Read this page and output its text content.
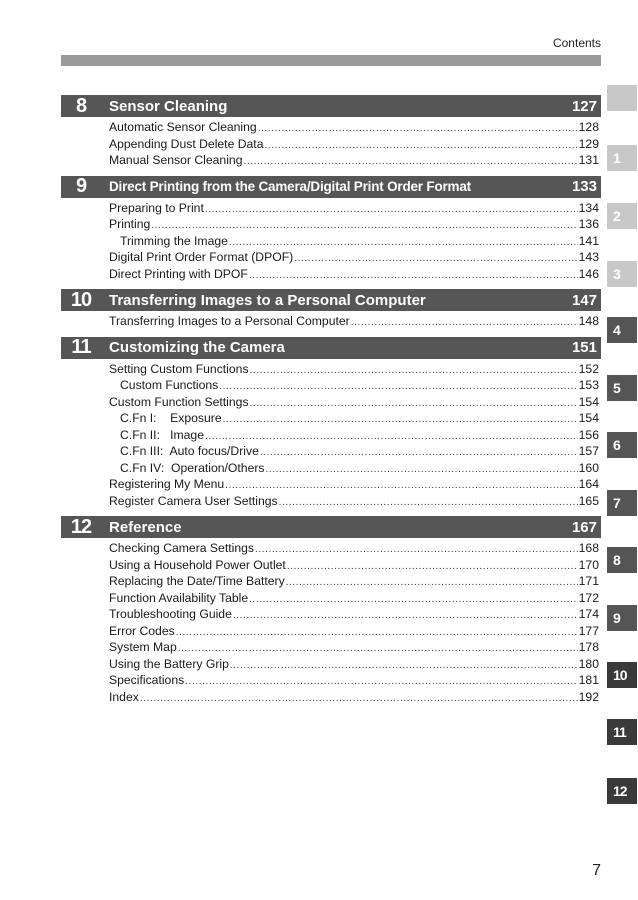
Contents
8	Sensor Cleaning	127
Automatic Sensor Cleaning .....	128
Appending Dust Delete Data .....	129
Manual Sensor Cleaning .....	131
9	Direct Printing from the Camera/Digital Print Order Format	133
Preparing to Print .....	134
Printing .....	136
Trimming the Image .....	141
Digital Print Order Format (DPOF) .....	143
Direct Printing with DPOF .....	146
10	Transferring Images to a Personal Computer	147
Transferring Images to a Personal Computer .....	148
11	Customizing the Camera	151
Setting Custom Functions .....	152
Custom Functions .....	153
Custom Function Settings .....	154
C.Fn I:    Exposure .....	154
C.Fn II:   Image .....	156
C.Fn III:  Auto focus/Drive .....	157
C.Fn IV:  Operation/Others .....	160
Registering My Menu .....	164
Register Camera User Settings .....	165
12	Reference	167
Checking Camera Settings .....	168
Using a Household Power Outlet .....	170
Replacing the Date/Time Battery .....	171
Function Availability Table .....	172
Troubleshooting Guide .....	174
Error Codes .....	177
System Map .....	178
Using the Battery Grip .....	180
Specifications .....	181
Index .....	192
1
2
3
4
5
6
7
8
9
10
11
12
7
